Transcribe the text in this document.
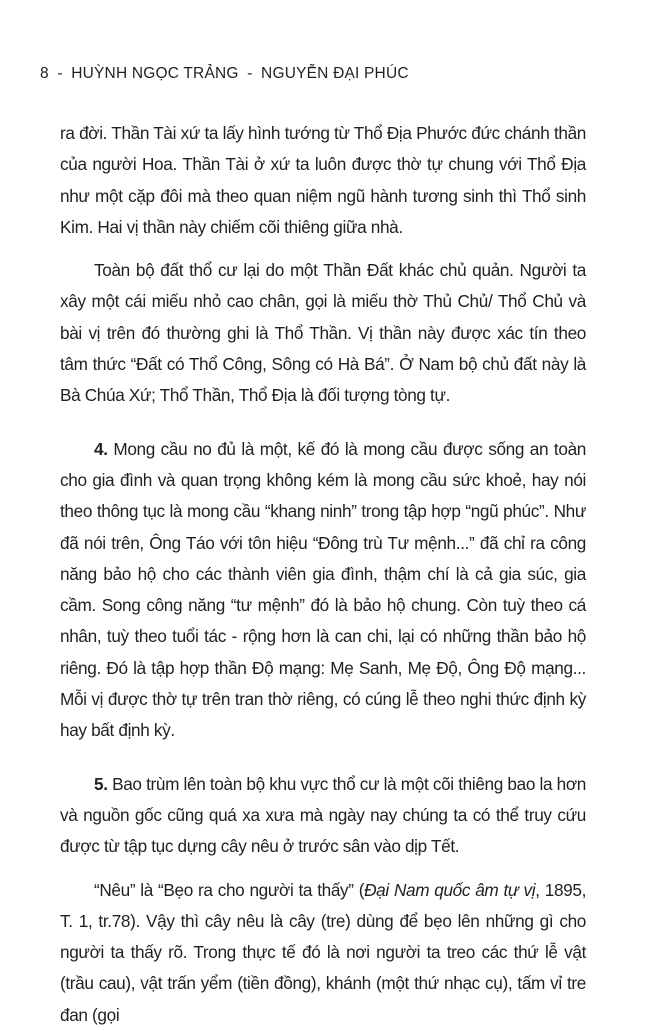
8 - HUỲNH NGỌC TRẢNG - NGUYỄN ĐẠI PHÚC

ra đời. Thần Tài xứ ta lấy hình tướng từ Thổ Địa Phước đức chánh thần của người Hoa. Thần Tài ở xứ ta luôn được thờ tự chung với Thổ Địa như một cặp đôi mà theo quan niệm ngũ hành tương sinh thì Thổ sinh Kim. Hai vị thần này chiếm cõi thiêng giữa nhà.

Toàn bộ đất thổ cư lại do một Thần Đất khác chủ quản. Người ta xây một cái miếu nhỏ cao chân, gọi là miếu thờ Thủ Chủ/ Thổ Chủ và bài vị trên đó thường ghi là Thổ Thần. Vị thần này được xác tín theo tâm thức “Đất có Thổ Công, Sông có Hà Bá”. Ở Nam bộ chủ đất này là Bà Chúa Xứ; Thổ Thần, Thổ Địa là đối tượng tòng tự.

4. Mong cầu no đủ là một, kế đó là mong cầu được sống an toàn cho gia đình và quan trọng không kém là mong cầu sức khoẻ, hay nói theo thông tục là mong cầu “khang ninh” trong tập hợp “ngũ phúc”. Như đã nói trên, Ông Táo với tôn hiệu “Đông trù Tư mệnh...” đã chỉ ra công năng bảo hộ cho các thành viên gia đình, thậm chí là cả gia súc, gia cầm. Song công năng “tư mệnh” đó là bảo hộ chung. Còn tuỳ theo cá nhân, tuỳ theo tuổi tác - rộng hơn là can chi, lại có những thần bảo hộ riêng. Đó là tập hợp thần Độ mạng: Mẹ Sanh, Mẹ Độ, Ông Độ mạng... Mỗi vị được thờ tự trên tran thờ riêng, có cúng lễ theo nghi thức định kỳ hay bất định kỳ.

5. Bao trùm lên toàn bộ khu vực thổ cư là một cõi thiêng bao la hơn và nguồn gốc cũng quá xa xưa mà ngày nay chúng ta có thể truy cứu được từ tập tục dựng cây nêu ở trước sân vào dịp Tết.

“Nêu” là “Bẹo ra cho người ta thấy” (Đại Nam quốc âm tự vị, 1895, T. 1, tr.78). Vậy thì cây nêu là cây (tre) dùng để bẹo lên những gì cho người ta thấy rõ. Trong thực tế đó là nơi người ta treo các thứ lễ vật (trầu cau), vật trấn yểm (tiền đồng), khánh (một thứ nhạc cụ), tấm vỉ tre đan (gọi
